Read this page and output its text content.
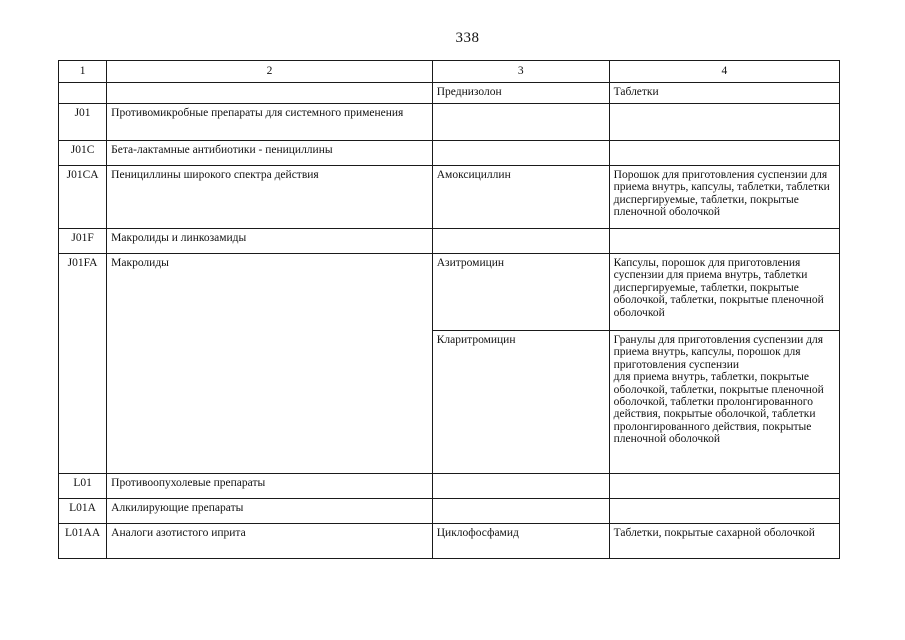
338
1	2	3	4
		Преднизолон	Таблетки

J01	Противомикробные препараты для системного применения		
J01C	Бета-лактамные антибиотики - пенициллины		
J01CA	Пенициллины широкого спектра действия	Амоксициллин	Порошок для приготовления суспензии для приема внутрь, капсулы, таблетки, таблетки диспергируемые, таблетки, покрытые пленочной оболочкой

J01F	Макролиды и линкозамиды		
J01FA	Макролиды	Азитромицин	Капсулы, порошок для приготовления суспензии для приема внутрь, таблетки диспергируемые, таблетки, покрытые оболочкой, таблетки, покрытые пленочной оболочкой

		Кларитромицин	Гранулы для приготовления суспензии для приема внутрь, капсулы, порошок для приготовления суспензии
для приема внутрь, таблетки, покрытые оболочкой, таблетки, покрытые пленочной оболочкой, таблетки пролонгированного действия, покрытые оболочкой, таблетки пролонгированного действия, покрытые пленочной оболочкой

L01	Противоопухолевые препараты		
L01A	Алкилирующие препараты		
L01AA	Аналоги азотистого иприта	Циклофосфамид	Таблетки, покрытые сахарной оболочкой
